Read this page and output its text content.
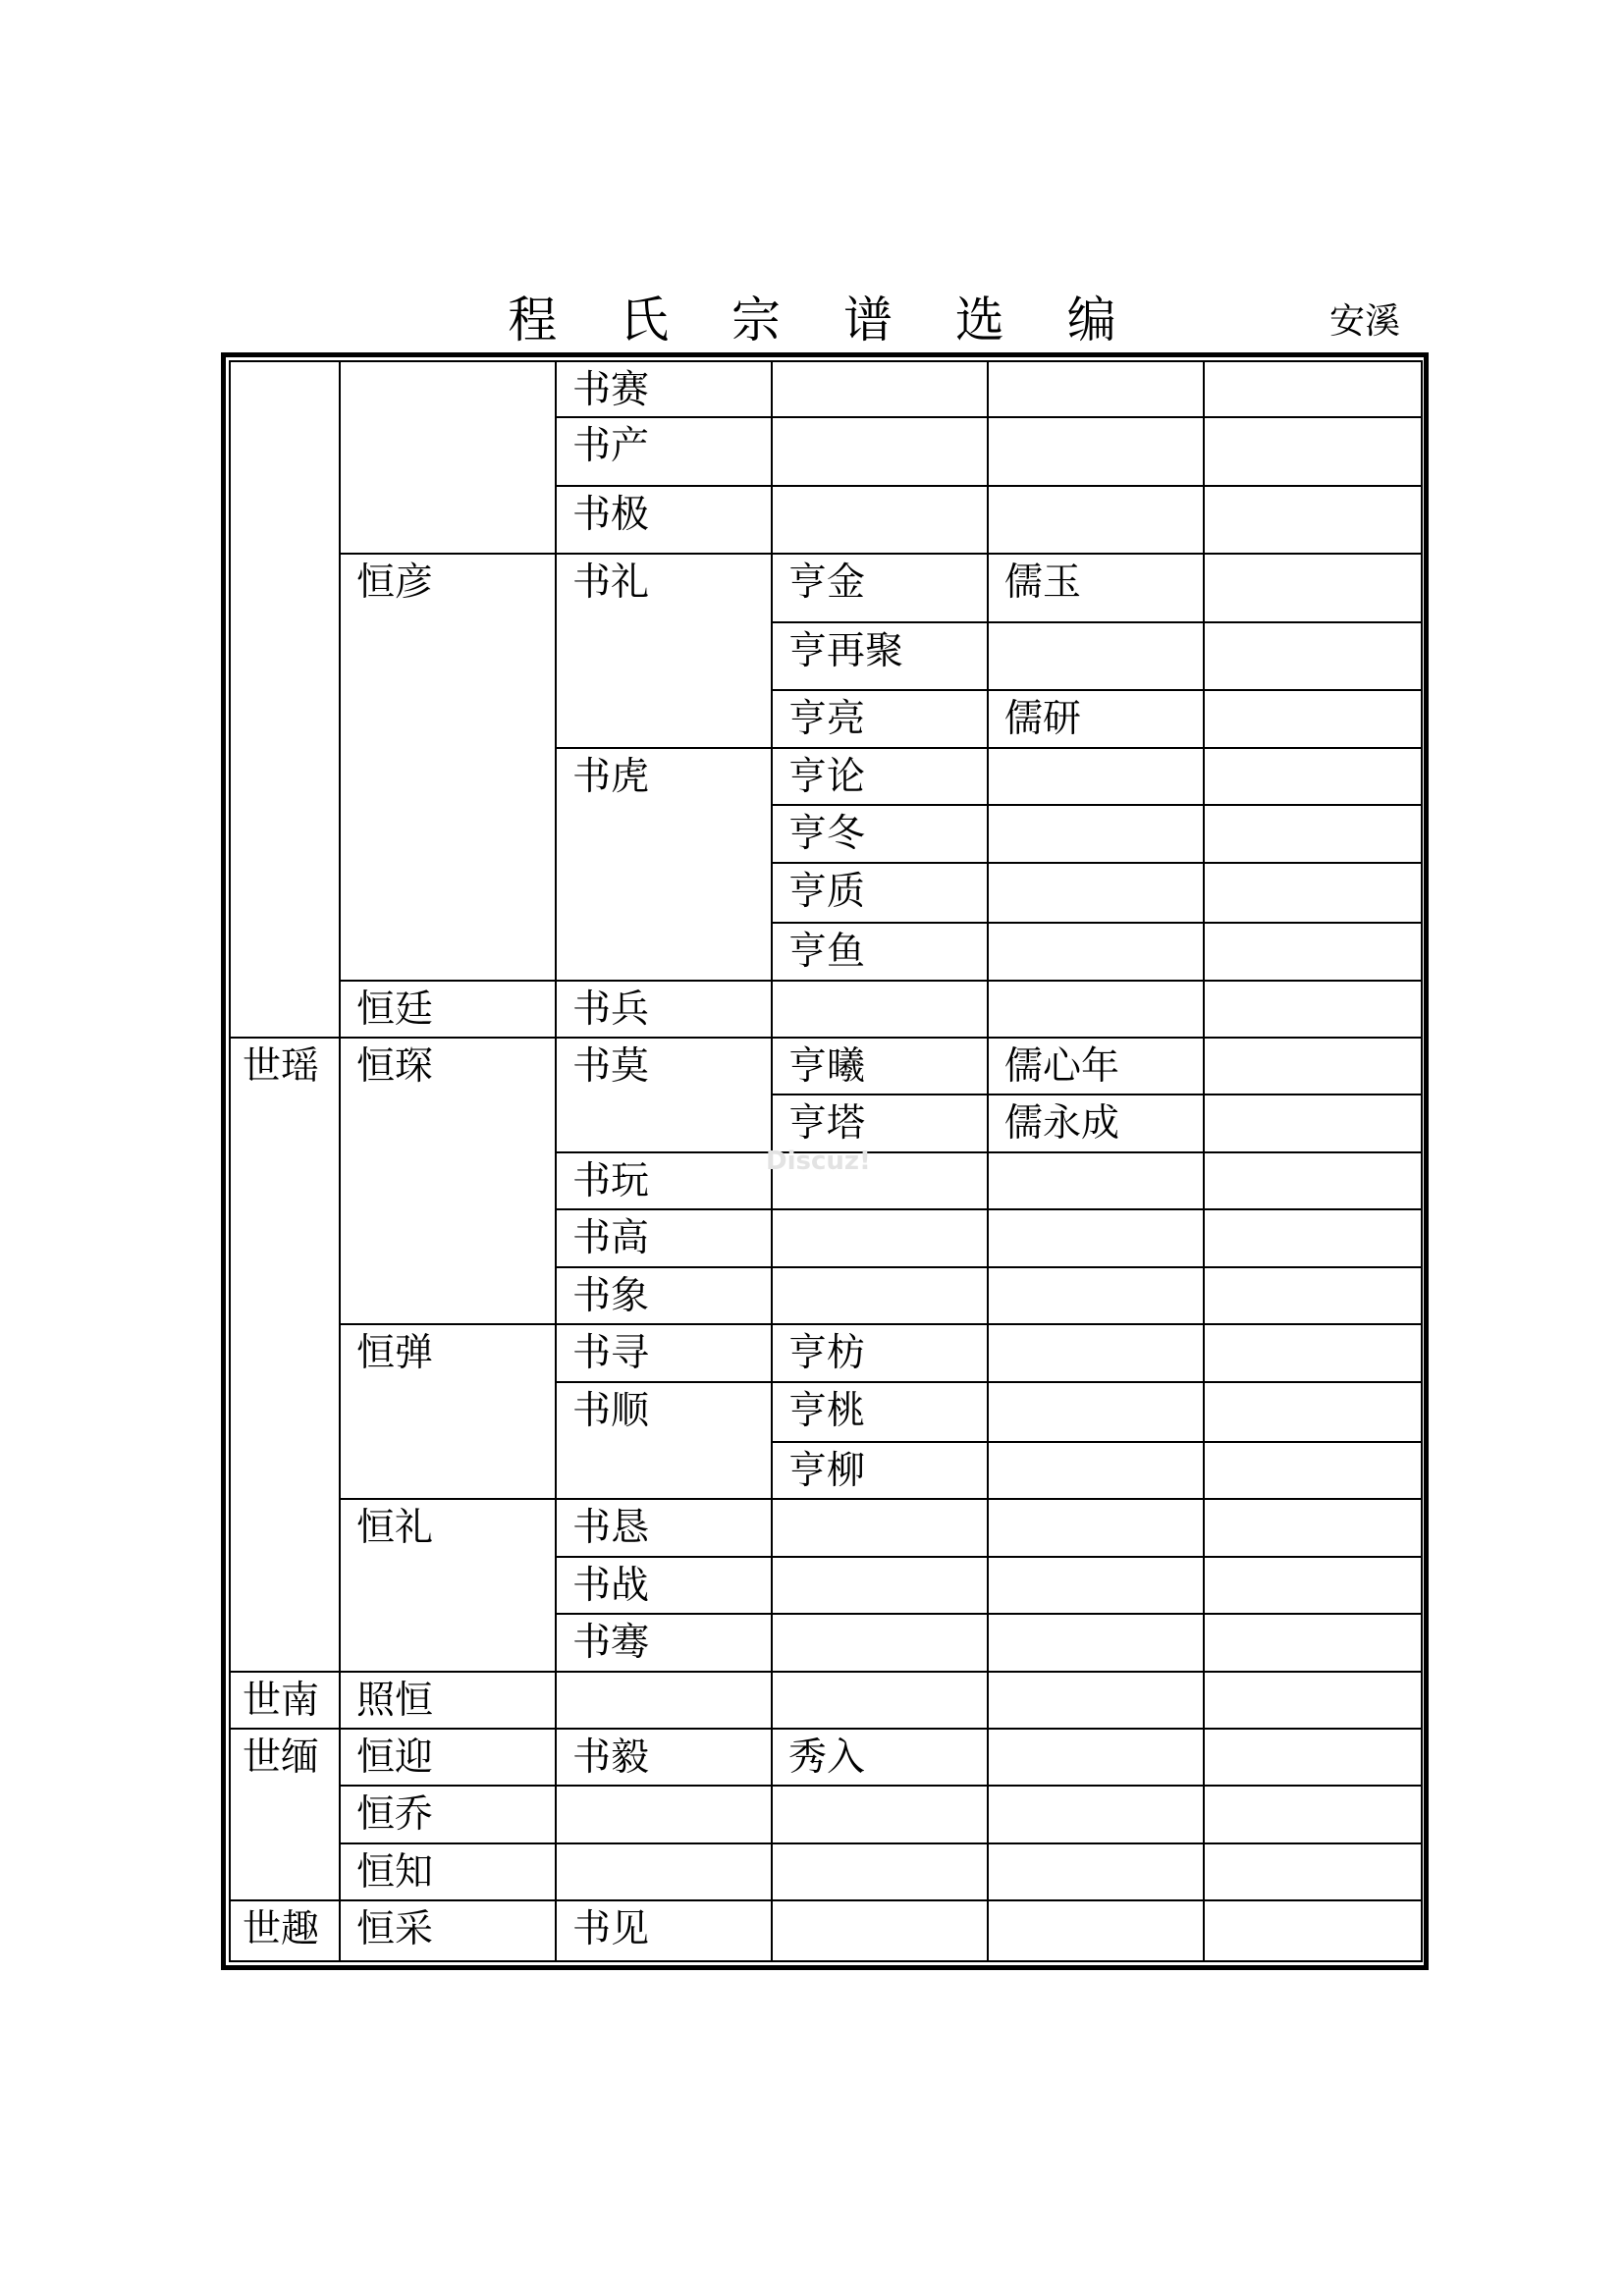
程 氏 宗 谱 选 编	安溪
		书赛			
		书产			
		书极			
	恒彦	书礼	亨金	儒玉	
			亨再聚		
			亨亮	儒研	
		书虎	亨论		
			亨冬		
			亨质		
			亨鱼		
	恒廷	书兵			
世瑶	恒琛	书莫	亨曦	儒心年	
			亨塔	儒永成	
		书玩			
		书高			
		书象			
	恒弹	书寻	亨枋		
		书顺	亨桃		
			亨柳		
	恒礼	书恳			
		书战			
		书骞			
世南	照恒				
世缅	恒迎	书毅	秀入		
	恒乔				
	恒知				
世趣	恒采	书见			
Discuz!
